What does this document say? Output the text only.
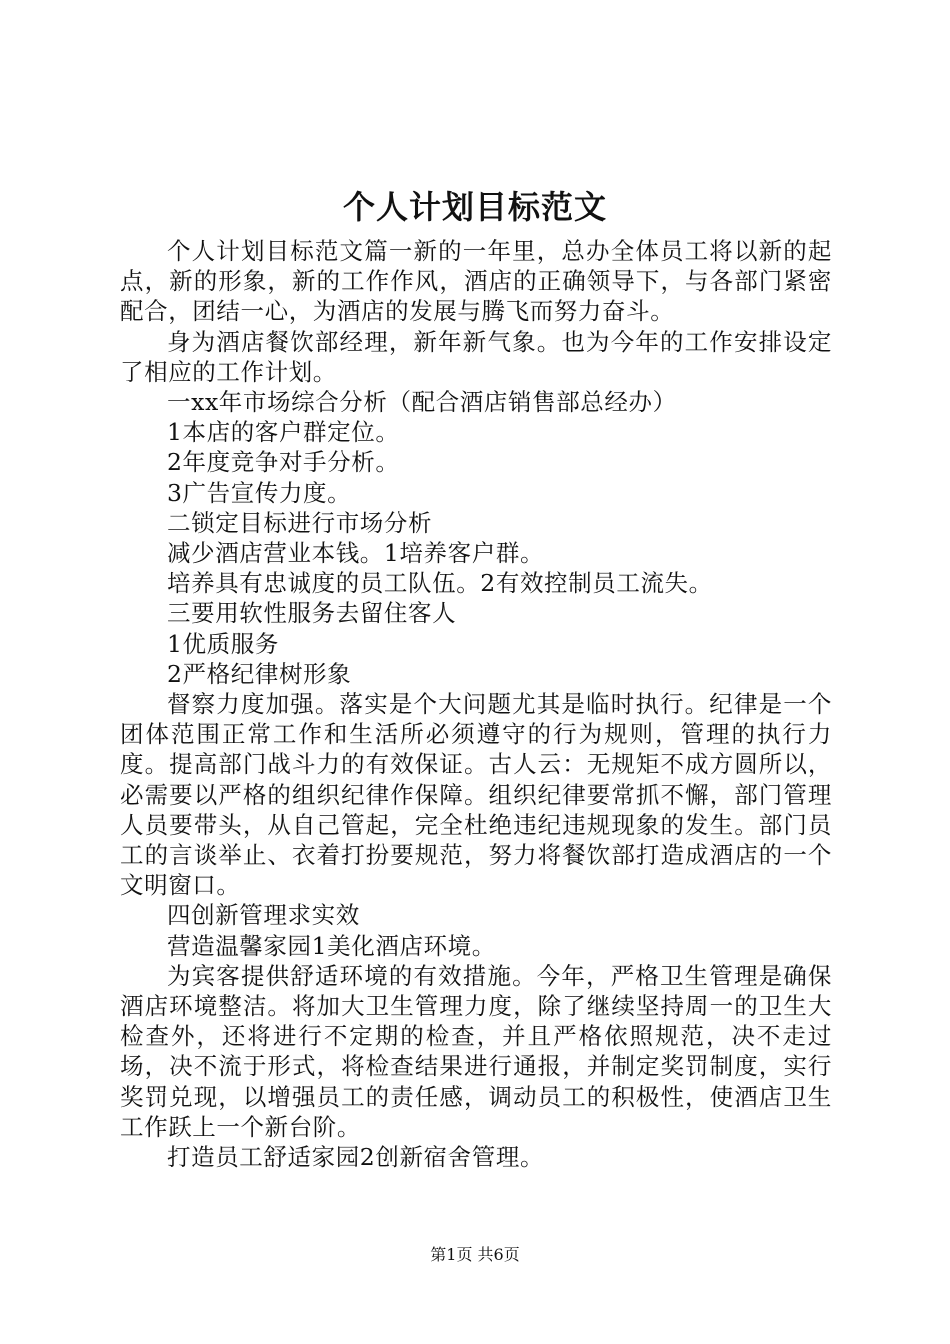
个人计划目标范文

个人计划目标范文篇一新的一年里，总办全体员工将以新的起点，新的形象，新的工作作风，酒店的正确领导下，与各部门紧密配合，团结一心，为酒店的发展与腾飞而努力奋斗。

身为酒店餐饮部经理，新年新气象。也为今年的工作安排设定了相应的工作计划。

一xx年市场综合分析（配合酒店销售部总经办）

1本店的客户群定位。

2年度竞争对手分析。

3广告宣传力度。

二锁定目标进行市场分析

减少酒店营业本钱。1培养客户群。

培养具有忠诚度的员工队伍。2有效控制员工流失。

三要用软性服务去留住客人

1优质服务

2严格纪律树形象

督察力度加强。落实是个大问题尤其是临时执行。纪律是一个团体范围正常工作和生活所必须遵守的行为规则，管理的执行力度。提高部门战斗力的有效保证。古人云：无规矩不成方圆所以，必需要以严格的组织纪律作保障。组织纪律要常抓不懈，部门管理人员要带头，从自己管起，完全杜绝违纪违规现象的发生。部门员工的言谈举止、衣着打扮要规范，努力将餐饮部打造成酒店的一个文明窗口。

四创新管理求实效

营造温馨家园1美化酒店环境。

为宾客提供舒适环境的有效措施。今年，严格卫生管理是确保酒店环境整洁。将加大卫生管理力度，除了继续坚持周一的卫生大检查外，还将进行不定期的检查，并且严格依照规范，决不走过场，决不流于形式，将检查结果进行通报，并制定奖罚制度，实行奖罚兑现，以增强员工的责任感，调动员工的积极性，使酒店卫生工作跃上一个新台阶。

打造员工舒适家园2创新宿舍管理。

第1页 共6页
